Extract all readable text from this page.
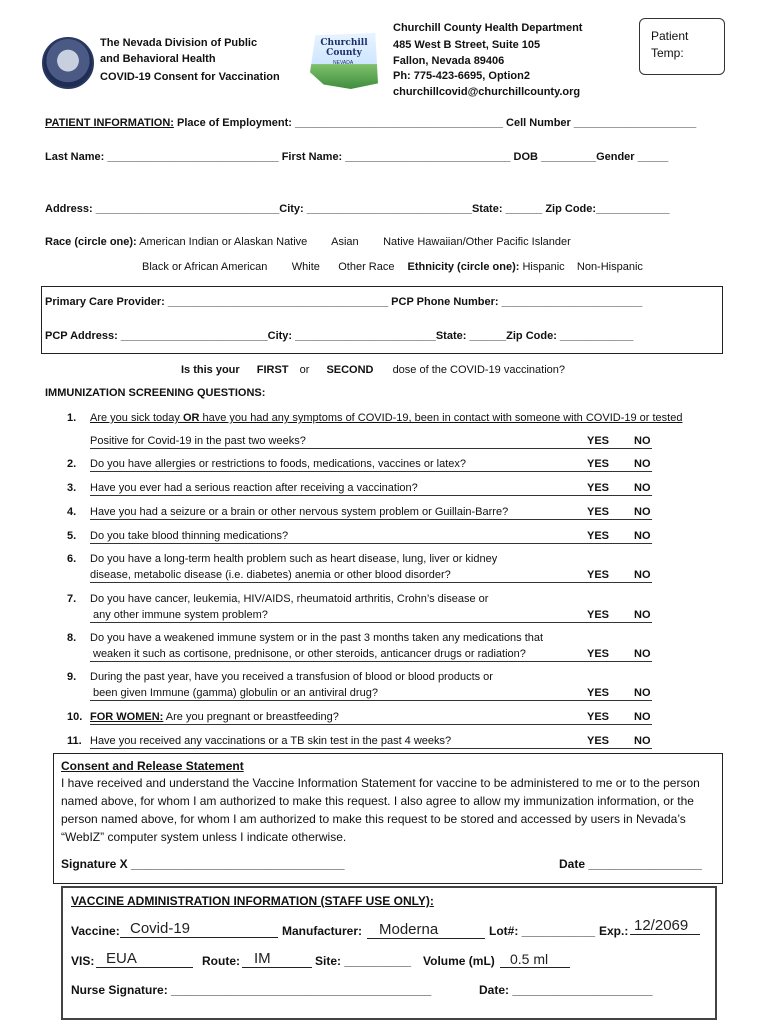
The Nevada Division of Public
and Behavioral Health
COVID-19 Consent for Vaccination
Churchill County
NEVADA
Churchill County Health Department
485 West B Street, Suite 105
Fallon, Nevada 89406
Ph: 775-423-6695, Option2
churchillcovid@churchillcounty.org
Patient Temp:
PATIENT INFORMATION: Place of Employment: __________________________________ Cell Number ____________________
Last Name: ____________________________ First Name: ___________________________ DOB _________Gender _____
Address: ______________________________City: ___________________________State: ______ Zip Code:____________
Race (circle one): American Indian or Alaskan Native        Asian        Native Hawaiian/Other Pacific Islander
Black or African American        White      Other Race Ethnicity (circle one): Hispanic    Non-Hispanic
Primary Care Provider: ____________________________________ PCP Phone Number: _______________________
PCP Address: ________________________City: _______________________State: ______Zip Code: ____________
Is this your FIRST or SECOND dose of the COVID-19 vaccination?
IMMUNIZATION SCREENING QUESTIONS:
1. Are you sick today OR have you had any symptoms of COVID-19, been in contact with someone with COVID-19 or tested
Positive for Covid-19 in the past two weeks?	YES NO
2. Do you have allergies or restrictions to foods, medications, vaccines or latex?	YES NO
3. Have you ever had a serious reaction after receiving a vaccination?	YES NO
4. Have you had a seizure or a brain or other nervous system problem or Guillain-Barre?	YES NO
5. Do you take blood thinning medications?	YES NO
6. Do you have a long-term health problem such as heart disease, lung, liver or kidney
disease, metabolic disease (i.e. diabetes) anemia or other blood disorder?	YES NO
7. Do you have cancer, leukemia, HIV/AIDS, rheumatoid arthritis, Crohn’s disease or
any other immune system problem?	YES NO
8. Do you have a weakened immune system or in the past 3 months taken any medications that
weaken it such as cortisone, prednisone, or other steroids, anticancer drugs or radiation?	YES NO
9. During the past year, have you received a transfusion of blood or blood products or
been given Immune (gamma) globulin or an antiviral drug?	YES NO
10. FOR WOMEN: Are you pregnant or breastfeeding?	YES NO
11. Have you received any vaccinations or a TB skin test in the past 4 weeks?	YES NO
Consent and Release Statement
I have received and understand the Vaccine Information Statement for vaccine to be administered to me or to the person named above, for whom I am authorized to make this request. I also agree to allow my immunization information, or the person named above, for whom I am authorized to make this request to be stored and accessed by users in Nevada’s “WebIZ” computer system unless I indicate otherwise.
Signature X ________________________________	Date _________________
VACCINE ADMINISTRATION INFORMATION (STAFF USE ONLY):
Vaccine: Covid-19	Manufacturer:	Moderna	Lot#: ___________ Exp.: 12/2069
VIS: EUA	Route: IM	Site: __________ Volume (mL)	0.5 ml
Nurse Signature: _______________________________________	Date: _____________________
